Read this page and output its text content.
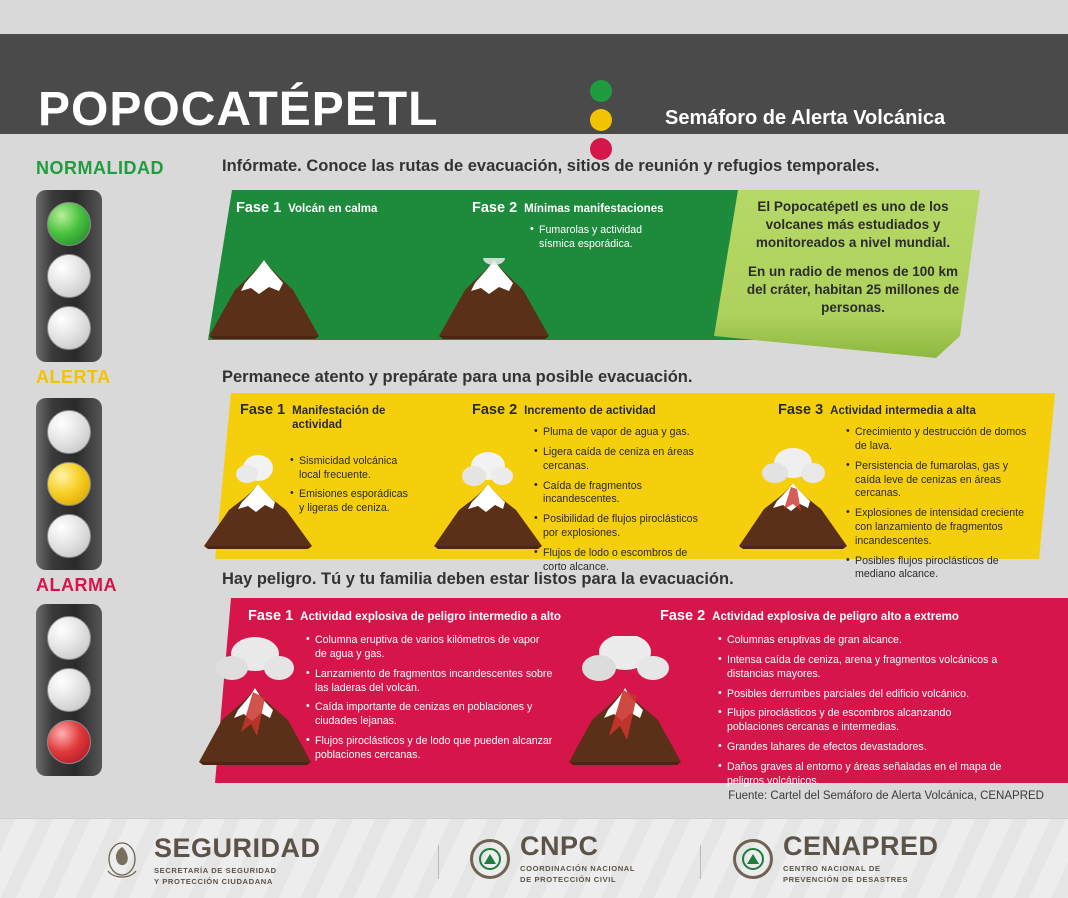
POPOCATÉPETL	Semáforo de Alerta Volcánica
NORMALIDAD
ALERTA
ALARMA
Infórmate. Conoce las rutas de evacuación, sitios de reunión y refugios temporales.
Permanece atento y prepárate para una posible evacuación.
Hay peligro. Tú y tu familia deben estar listos para la evacuación.

El Popocatépetl es uno de los volcanes más estudiados y monitoreados a nivel mundial.

En un radio de menos de 100 km del cráter, habitan 25 millones de personas.

Fase 1 Volcán en calma	Fase 2 Mínimas manifestaciones
• Fumarolas y actividad sísmica esporádica.
Fase 1 Manifestación de actividad
• Sismicidad volcánica local frecuente.
• Emisiones esporádicas y ligeras de ceniza.
Fase 2 Incremento de actividad
• Pluma de vapor de agua y gas.
• Ligera caída de ceniza en áreas cercanas.
• Caída de fragmentos incandescentes.
• Posibilidad de flujos piroclásticos por explosiones.
• Flujos de lodo o escombros de corto alcance.
Fase 3 Actividad intermedia a alta
• Crecimiento y destrucción de domos de lava.
• Persistencia de fumarolas, gas y caída leve de cenizas en áreas cercanas.
• Explosiones de intensidad creciente con lanzamiento de fragmentos incandescentes.
• Posibles flujos piroclásticos de mediano alcance.
Fase 1 Actividad explosiva de peligro intermedio a alto
• Columna eruptiva de varios kilómetros de vapor de agua y gas.
• Lanzamiento de fragmentos incandescentes sobre las laderas del volcán.
• Caída importante de cenizas en poblaciones y ciudades lejanas.
• Flujos piroclásticos y de lodo que pueden alcanzar poblaciones cercanas.
Fase 2 Actividad explosiva de peligro alto a extremo
• Columnas eruptivas de gran alcance.
• Intensa caída de ceniza, arena y fragmentos volcánicos a distancias mayores.
• Posibles derrumbes parciales del edificio volcánico.
• Flujos piroclásticos y de escombros alcanzando poblaciones cercanas e intermedias.
• Grandes lahares de efectos devastadores.
• Daños graves al entorno y áreas señaladas en el mapa de peligros volcánicos.
Fuente: Cartel del Semáforo de Alerta Volcánica, CENAPRED
SEGURIDAD
SECRETARÍA DE SEGURIDAD
Y PROTECCIÓN CIUDADANA
CNPC
COORDINACIÓN NACIONAL
DE PROTECCIÓN CIVIL
CENAPRED
CENTRO NACIONAL DE
PREVENCIÓN DE DESASTRES
